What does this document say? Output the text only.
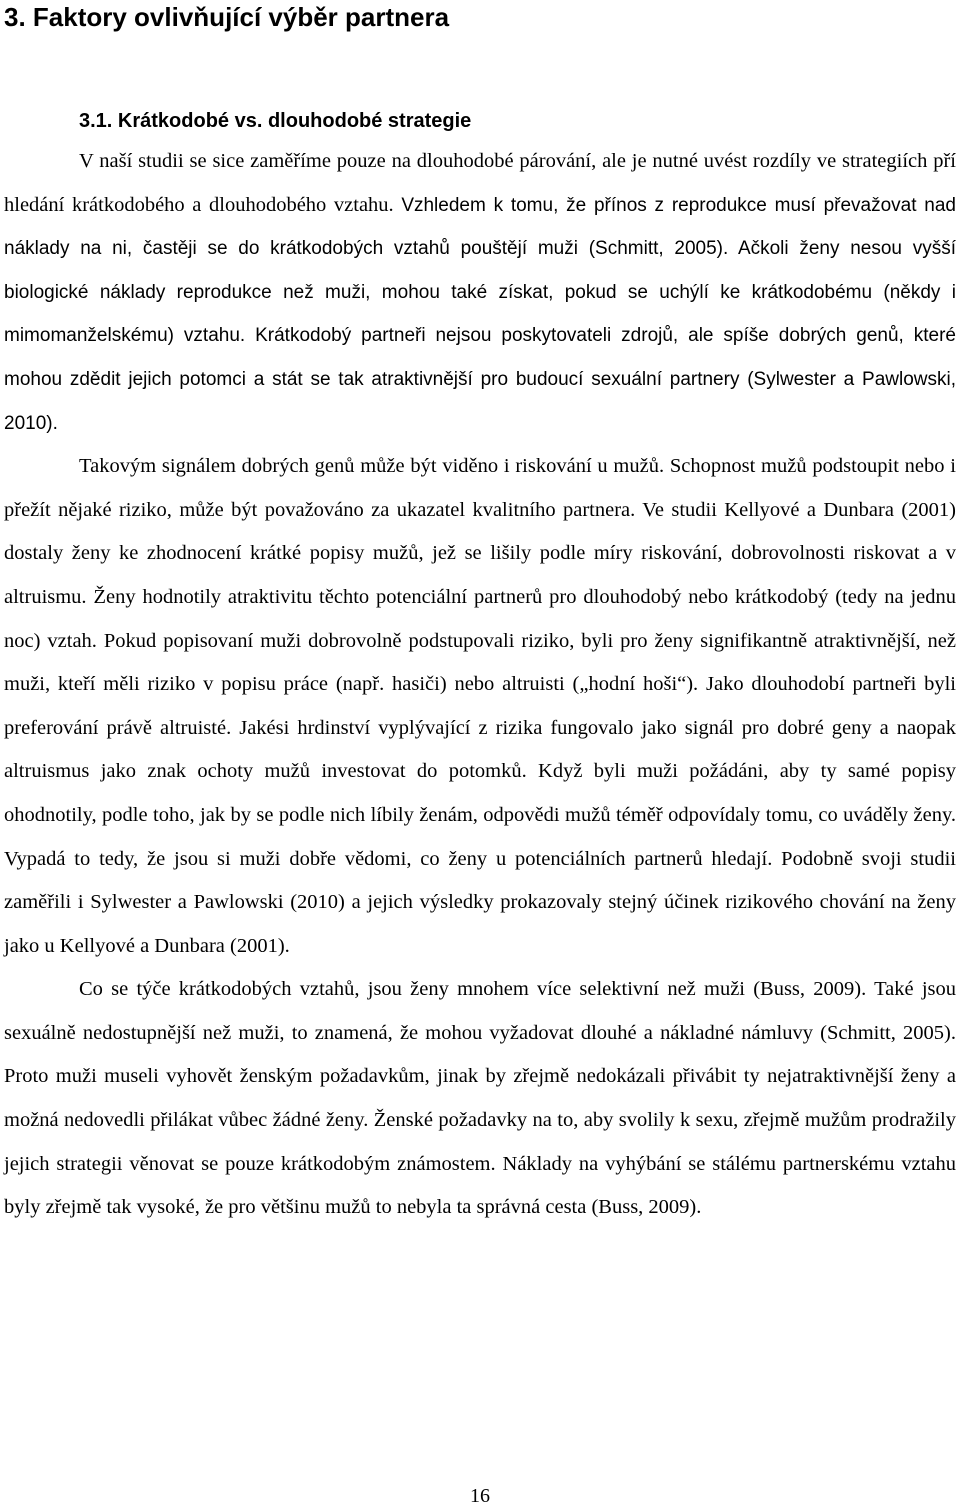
3. Faktory ovlivňující výběr partnera
3.1. Krátkodobé vs. dlouhodobé strategie

V naší studii se sice zaměříme pouze na dlouhodobé párování, ale je nutné uvést rozdíly ve strategiích pří hledání krátkodobého a dlouhodobého vztahu. Vzhledem k tomu, že přínos z reprodukce musí převažovat nad náklady na ni, častěji se do krátkodobých vztahů pouštějí muži (Schmitt, 2005). Ačkoli ženy nesou vyšší biologické náklady reprodukce než muži, mohou také získat, pokud se uchýlí ke krátkodobému (někdy i mimomanželskému) vztahu. Krátkodobý partneři nejsou poskytovateli zdrojů, ale spíše dobrých genů, které mohou zdědit jejich potomci a stát se tak atraktivnější pro budoucí sexuální partnery (Sylwester a Pawlowski, 2010).

Takovým signálem dobrých genů může být viděno i riskování u mužů. Schopnost mužů podstoupit nebo i přežít nějaké riziko, může být považováno za ukazatel kvalitního partnera. Ve studii Kellyové a Dunbara (2001) dostaly ženy ke zhodnocení krátké popisy mužů, jež se lišily podle míry riskování, dobrovolnosti riskovat a v altruismu. Ženy hodnotily atraktivitu těchto potenciální partnerů pro dlouhodobý nebo krátkodobý (tedy na jednu noc) vztah. Pokud popisovaní muži dobrovolně podstupovali riziko, byli pro ženy signifikantně atraktivnější, než muži, kteří měli riziko v popisu práce (např. hasiči) nebo altruisti („hodní hoši“). Jako dlouhodobí partneři byli preferování právě altruisté. Jakési hrdinství vyplývající z rizika fungovalo jako signál pro dobré geny a naopak altruismus jako znak ochoty mužů investovat do potomků. Když byli muži požádáni, aby ty samé popisy ohodnotily, podle toho, jak by se podle nich líbily ženám, odpovědi mužů téměř odpovídaly tomu, co uváděly ženy. Vypadá to tedy, že jsou si muži dobře vědomi, co ženy u potenciálních partnerů hledají. Podobně svoji studii zaměřili i Sylwester a Pawlowski (2010) a jejich výsledky prokazovaly stejný účinek rizikového chování na ženy jako u Kellyové a Dunbara (2001).

Co se týče krátkodobých vztahů, jsou ženy mnohem více selektivní než muži (Buss, 2009). Také jsou sexuálně nedostupnější než muži, to znamená, že mohou vyžadovat dlouhé a nákladné námluvy (Schmitt, 2005). Proto muži museli vyhovět ženským požadavkům, jinak by zřejmě nedokázali přivábit ty nejatraktivnější ženy a možná nedovedli přilákat vůbec žádné ženy. Ženské požadavky na to, aby svolily k sexu, zřejmě mužům prodražily jejich strategii věnovat se pouze krátkodobým známostem. Náklady na vyhýbání se stálému partnerskému vztahu byly zřejmě tak vysoké, že pro většinu mužů to nebyla ta správná cesta (Buss, 2009).

16
